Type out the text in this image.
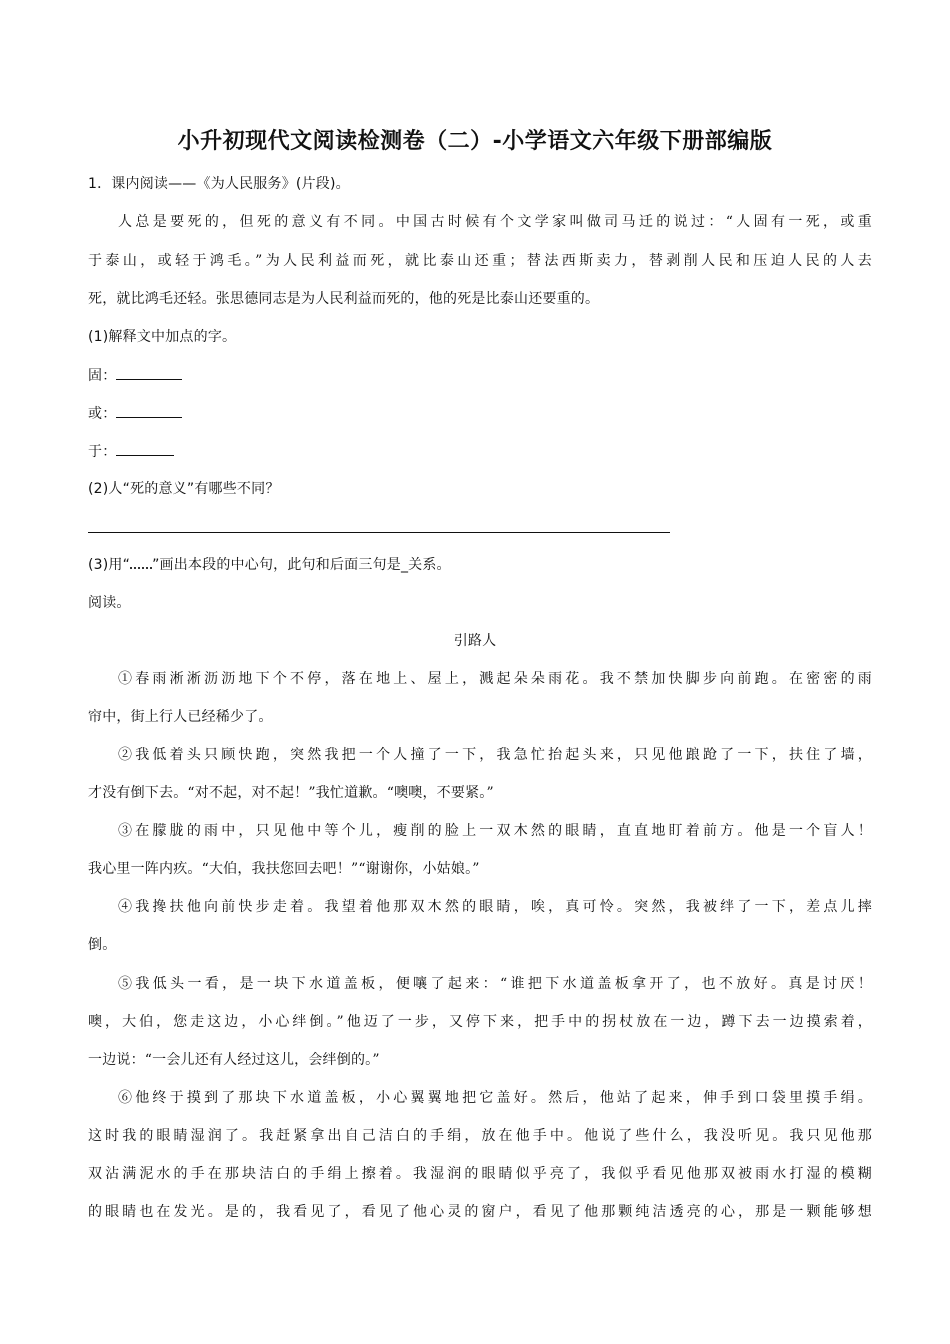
小升初现代文阅读检测卷（二）-小学语文六年级下册部编版
1．课内阅读——《为人民服务》(片段)。
人总是要死的，但死的意义有不同。中国古时候有个文学家叫做司马迁的说过：“人固有一死，或重
于泰山，或轻于鸿毛。”为人民利益而死，就比泰山还重；替法西斯卖力，替剥削人民和压迫人民的人去
死，就比鸿毛还轻。张思德同志是为人民利益而死的，他的死是比泰山还要重的。
(1)解释文中加点的字。
固：
或：
于：
(2)人“死的意义”有哪些不同？
(3)用“ ”画出本段的中心句，此句和后面三句是_关系。
阅读。
引路人
①春雨淅淅沥沥地下个不停，落在地上、屋上，溅起朵朵雨花。我不禁加快脚步向前跑。在密密的雨
帘中，街上行人已经稀少了。
②我低着头只顾快跑，突然我把一个人撞了一下，我急忙抬起头来，只见他踉跄了一下，扶住了墙，
才没有倒下去。“对不起，对不起！”我忙道歉。“噢噢，不要紧。”
③在朦胧的雨中，只见他中等个儿，瘦削的脸上一双木然的眼睛，直直地盯着前方。他是一个盲人！
我心里一阵内疚。“大伯，我扶您回去吧！”“谢谢你，小姑娘。”
④我搀扶他向前快步走着。我望着他那双木然的眼睛，唉，真可怜。突然，我被绊了一下，差点儿摔
倒。
⑤我低头一看，是一块下水道盖板，便嚷了起来：“谁把下水道盖板拿开了，也不放好。真是讨厌！
噢，大伯，您走这边，小心绊倒。”他迈了一步，又停下来，把手中的拐杖放在一边，蹲下去一边摸索着，
一边说：“一会儿还有人经过这儿，会绊倒的。”
⑥他终于摸到了那块下水道盖板，小心翼翼地把它盖好。然后，他站了起来，伸手到口袋里摸手绢。
这时我的眼睛湿润了。我赶紧拿出自己洁白的手绢，放在他手中。他说了些什么，我没听见。我只见他那
双沾满泥水的手在那块洁白的手绢上擦着。我湿润的眼睛似乎亮了，我似乎看见他那双被雨水打湿的模糊
的眼睛也在发光。是的，我看见了，看见了他心灵的窗户，看见了他那颗纯洁透亮的心，那是一颗能够想
